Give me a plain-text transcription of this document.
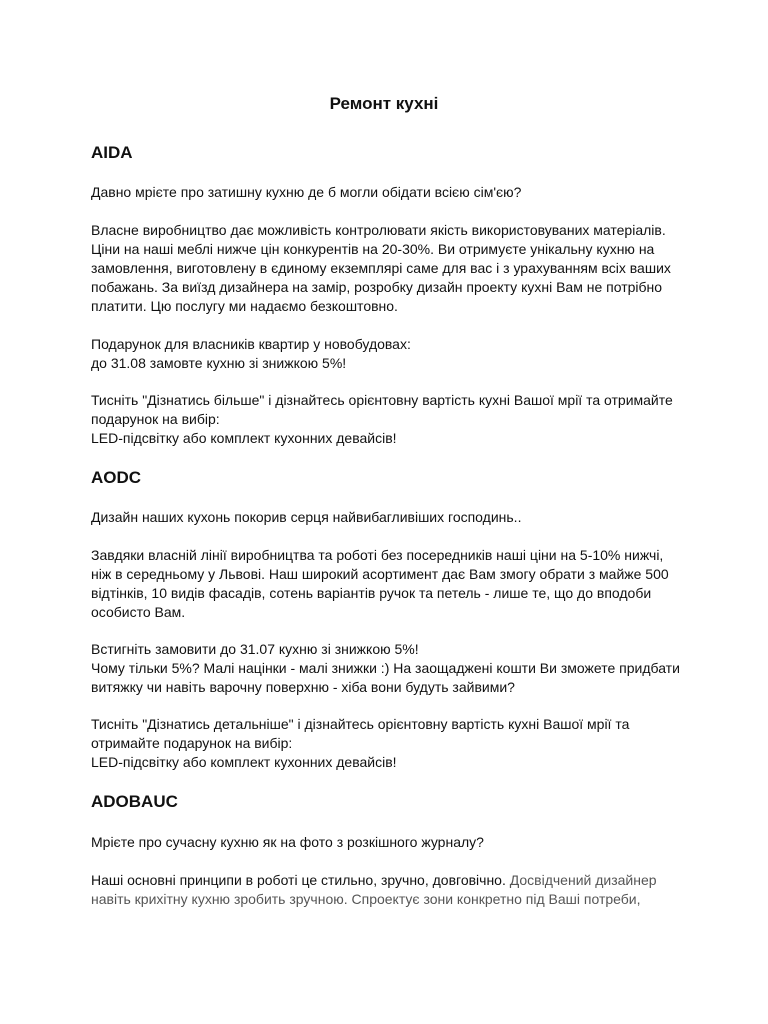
Ремонт кухні
AIDA

Давно мрієте про затишну кухню де б могли обідати всією сім'єю?

Власне виробництво дає можливість контролювати якість використовуваних матеріалів.
Ціни на наші меблі нижче цін конкурентів на 20-30%. Ви отримуєте унікальну кухню на
замовлення, виготовлену в єдиному екземплярі саме для вас і з урахуванням всіх ваших
побажань. За виїзд дизайнера на замір, розробку дизайн проекту кухні Вам не потрібно
платити. Цю послугу ми надаємо безкоштовно.

Подарунок для власників квартир у новобудовах:
до 31.08 замовте кухню зі знижкою 5%!

Тисніть "Дізнатись більше" і дізнайтесь орієнтовну вартість кухні Вашої мрії та отримайте
подарунок на вибір:
LED-підсвітку або комплект кухонних девайсів!

AODC

Дизайн наших кухонь покорив серця найвибагливіших господинь..

Завдяки власній лінії виробництва та роботі без посередників наші ціни на 5-10% нижчі,
ніж в середньому у Львові. Наш широкий асортимент дає Вам змогу обрати з майже 500
відтінків, 10 видів фасадів, сотень варіантів ручок та петель - лише те, що до вподоби
особисто Вам.

Встигніть замовити до 31.07 кухню зі знижкою 5%!
Чому тільки 5%? Малі націнки - малі знижки :) На заощаджені кошти Ви зможете придбати
витяжку чи навіть варочну поверхню - хіба вони будуть зайвими?

Тисніть "Дізнатись детальніше" і дізнайтесь орієнтовну вартість кухні Вашої мрії та
отримайте подарунок на вибір:
LED-підсвітку або комплект кухонних девайсів!

ADOBAUC

Мрієте про сучасну кухню як на фото з розкішного журналу?

Наші основні принципи в роботі це стильно, зручно, довговічно. Досвідчений дизайнер
навіть крихітну кухню зробить зручною. Спроектує зони конкретно під Ваші потреби,
